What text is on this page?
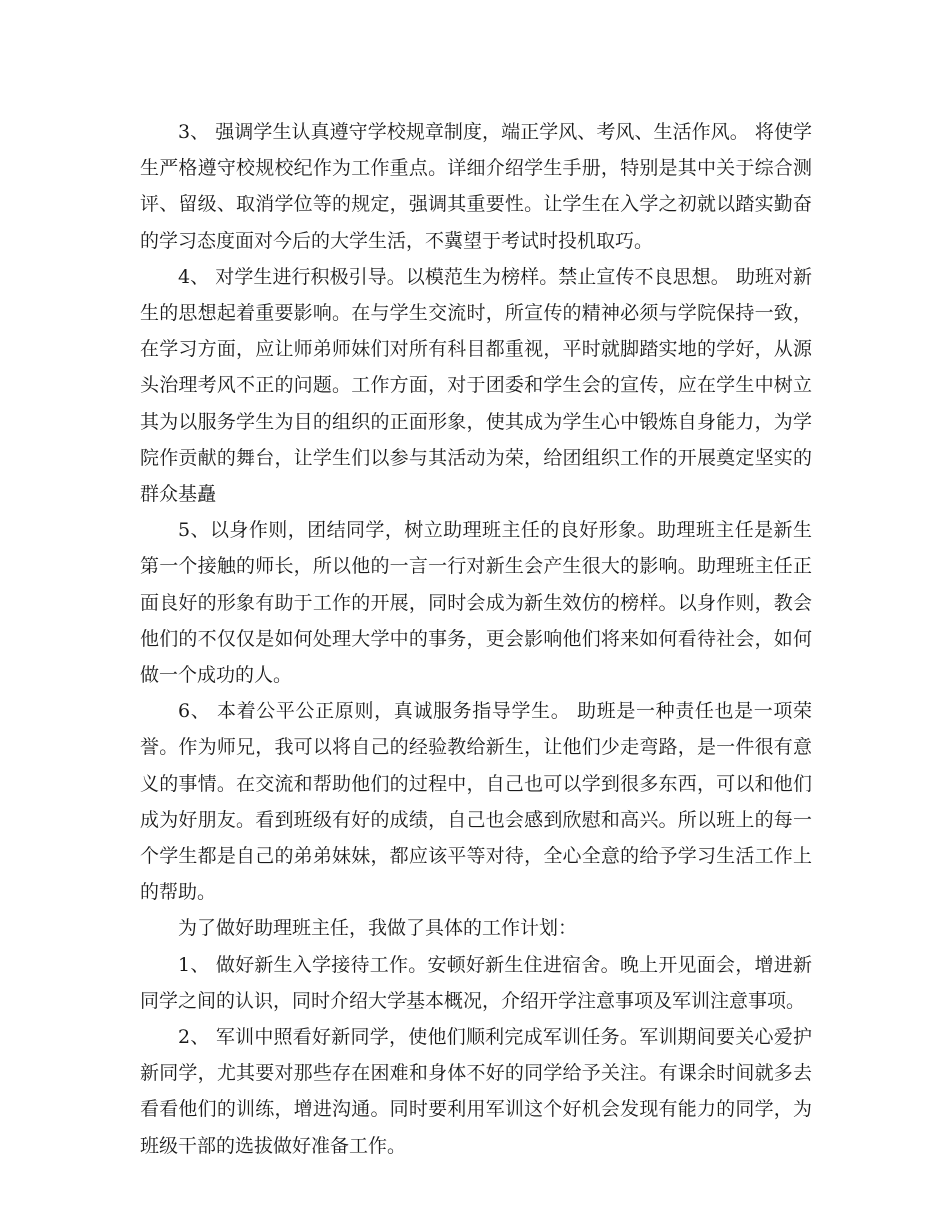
3、 强调学生认真遵守学校规章制度，端正学风、考风、生活作风。 将使学生严格遵守校规校纪作为工作重点。详细介绍学生手册，特别是其中关于综合测评、留级、取消学位等的规定，强调其重要性。让学生在入学之初就以踏实勤奋的学习态度面对今后的大学生活，不冀望于考试时投机取巧。

4、 对学生进行积极引导。以模范生为榜样。禁止宣传不良思想。 助班对新生的思想起着重要影响。在与学生交流时，所宣传的精神必须与学院保持一致，在学习方面，应让师弟师妹们对所有科目都重视，平时就脚踏实地的学好，从源头治理考风不正的问题。工作方面，对于团委和学生会的宣传，应在学生中树立其为以服务学生为目的组织的正面形象，使其成为学生心中锻炼自身能力，为学院作贡献的舞台，让学生们以参与其活动为荣，给团组织工作的开展奠定坚实的群众基矗

5、以身作则，团结同学，树立助理班主任的良好形象。助理班主任是新生第一个接触的师长，所以他的一言一行对新生会产生很大的影响。助理班主任正面良好的形象有助于工作的开展，同时会成为新生效仿的榜样。以身作则，教会他们的不仅仅是如何处理大学中的事务，更会影响他们将来如何看待社会，如何做一个成功的人。

6、 本着公平公正原则，真诚服务指导学生。 助班是一种责任也是一项荣誉。作为师兄，我可以将自己的经验教给新生，让他们少走弯路，是一件很有意义的事情。在交流和帮助他们的过程中，自己也可以学到很多东西，可以和他们成为好朋友。看到班级有好的成绩，自己也会感到欣慰和高兴。所以班上的每一个学生都是自己的弟弟妹妹，都应该平等对待，全心全意的给予学习生活工作上的帮助。

为了做好助理班主任，我做了具体的工作计划：

1、 做好新生入学接待工作。安顿好新生住进宿舍。晚上开见面会，增进新同学之间的认识，同时介绍大学基本概况，介绍开学注意事项及军训注意事项。

2、 军训中照看好新同学，使他们顺利完成军训任务。军训期间要关心爱护新同学，尤其要对那些存在困难和身体不好的同学给予关注。有课余时间就多去看看他们的训练，增进沟通。同时要利用军训这个好机会发现有能力的同学，为班级干部的选拔做好准备工作。
